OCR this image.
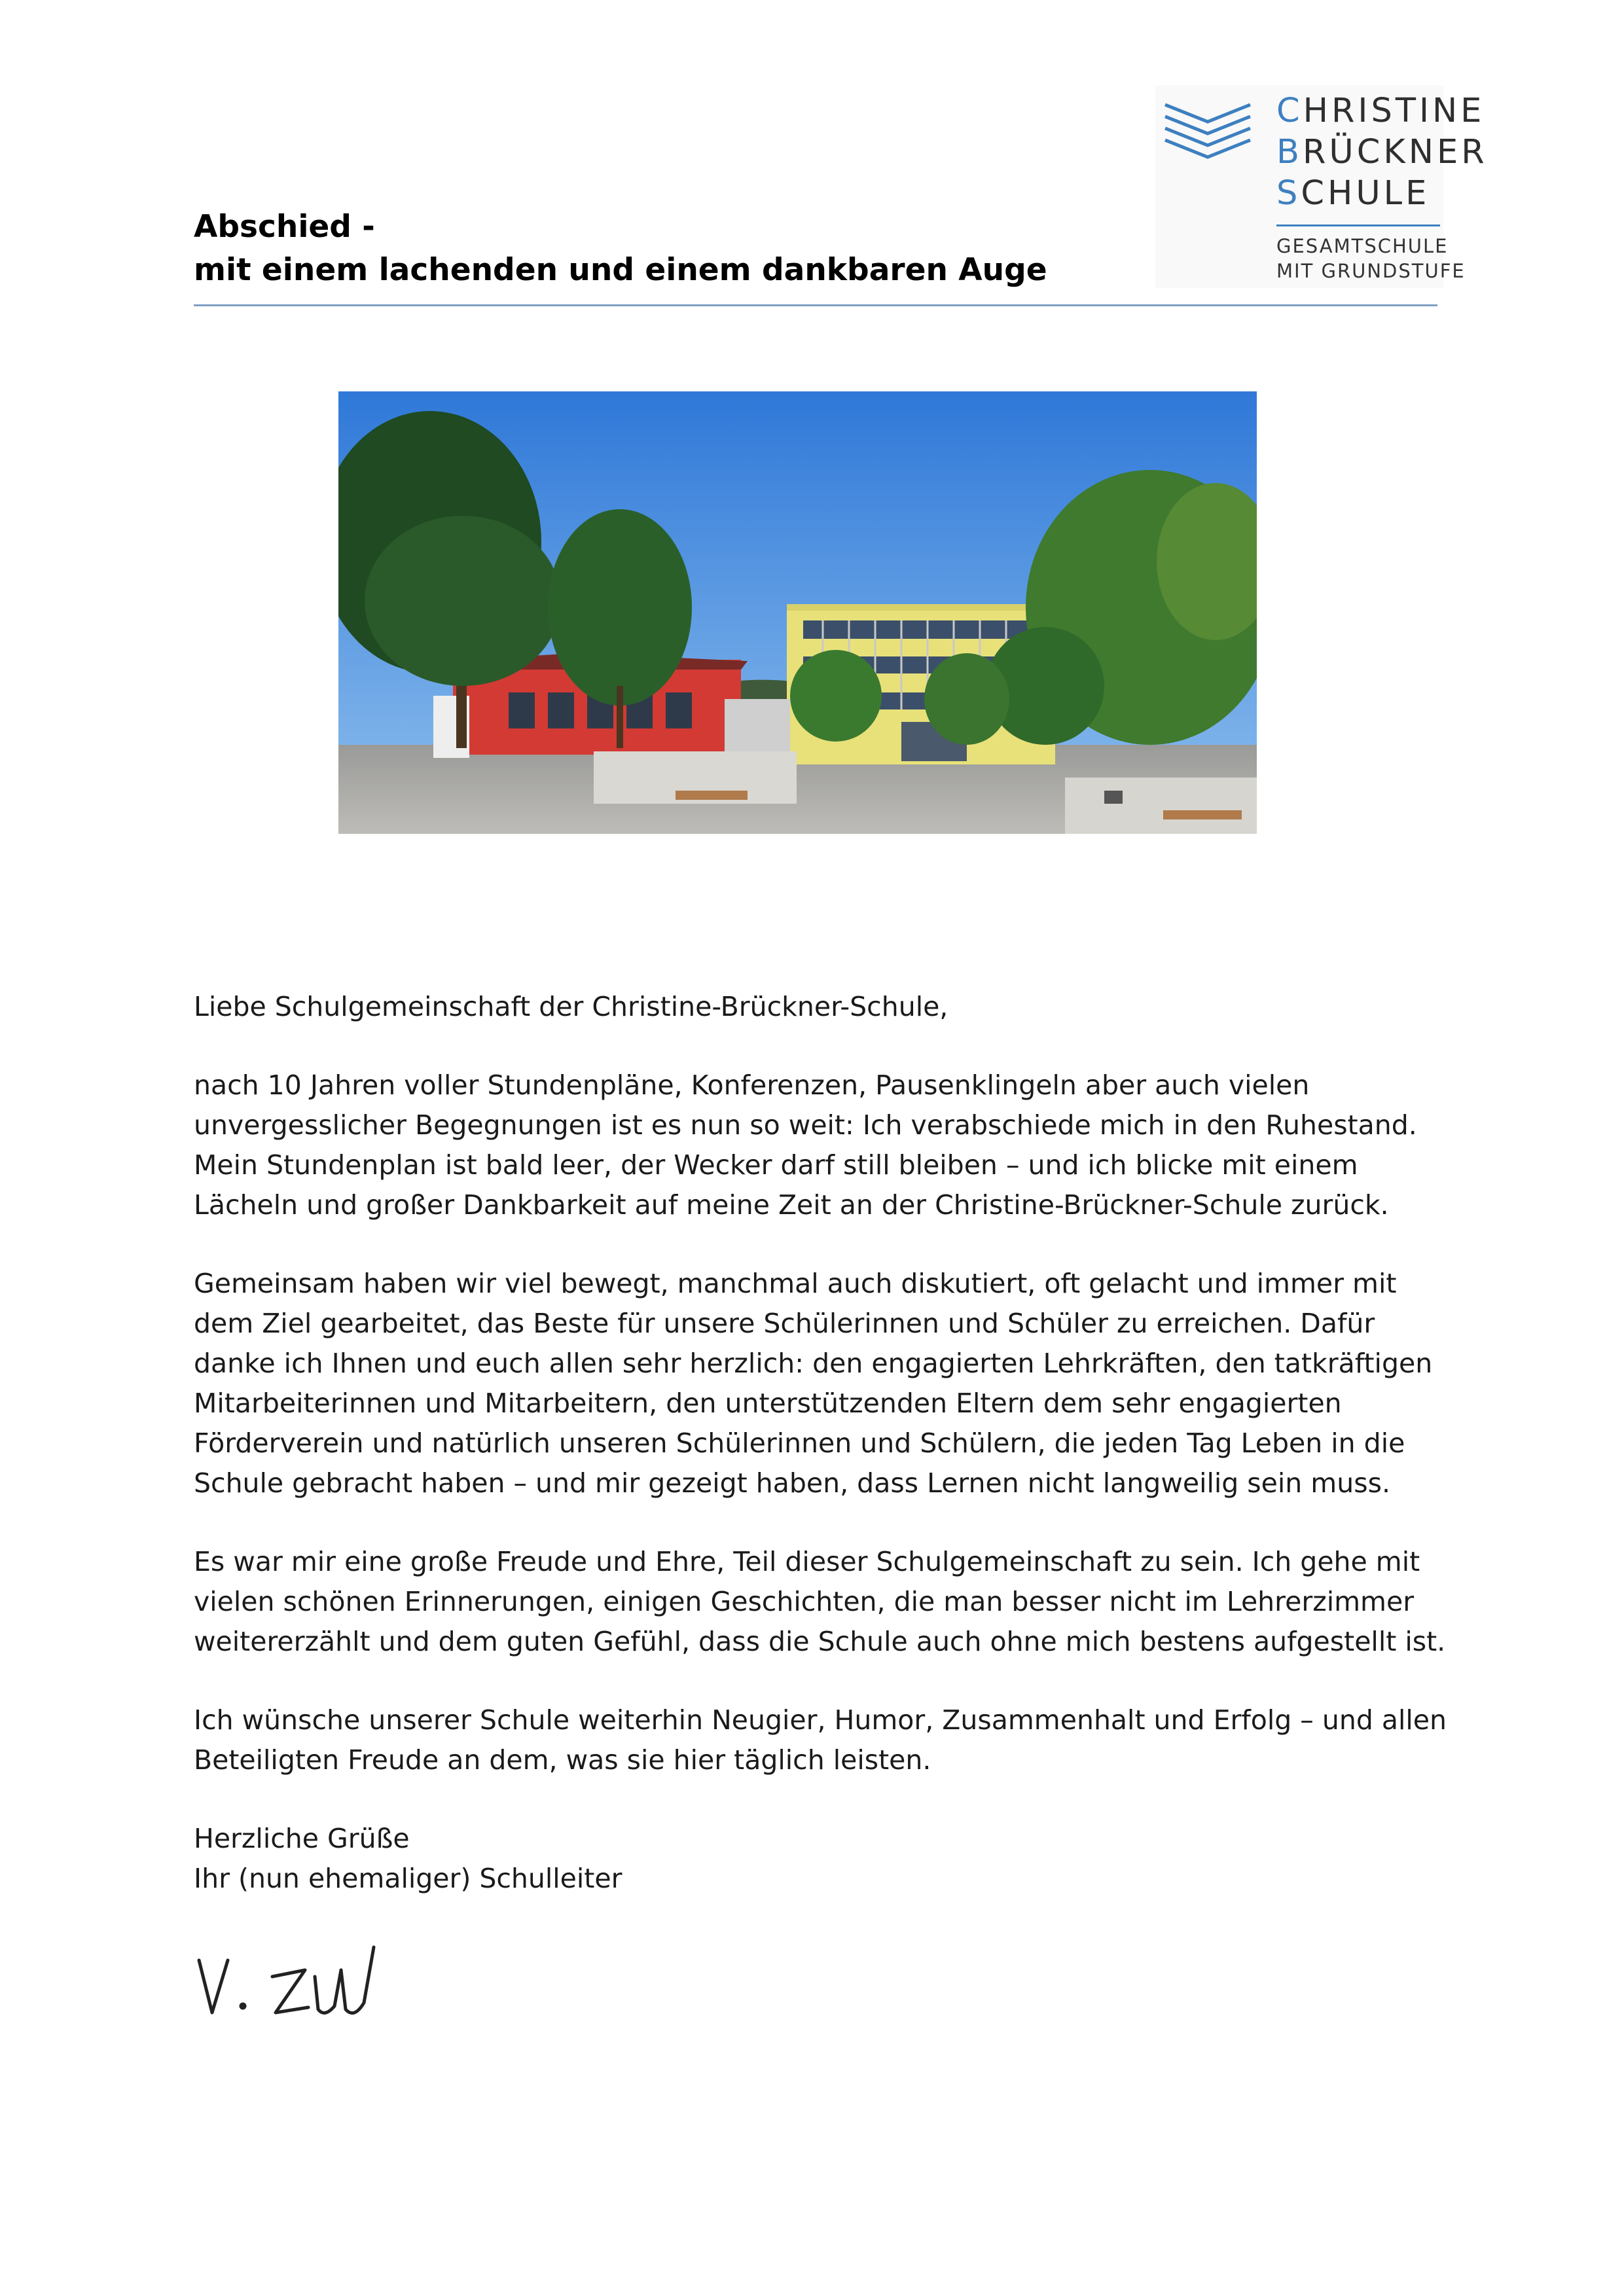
Abschied -
mit einem lachenden und einem dankbaren Auge
CHRISTINE
BRÜCKNER
SCHULE
GESAMTSCHULE
MIT GRUNDSTUFE

Liebe Schulgemeinschaft der Christine-Brückner-Schule,

nach 10 Jahren voller Stundenpläne, Konferenzen, Pausenklingeln aber auch vielen
unvergesslicher Begegnungen ist es nun so weit: Ich verabschiede mich in den Ruhestand.
Mein Stundenplan ist bald leer, der Wecker darf still bleiben – und ich blicke mit einem
Lächeln und großer Dankbarkeit auf meine Zeit an der Christine-Brückner-Schule zurück.

Gemeinsam haben wir viel bewegt, manchmal auch diskutiert, oft gelacht und immer mit
dem Ziel gearbeitet, das Beste für unsere Schülerinnen und Schüler zu erreichen. Dafür
danke ich Ihnen und euch allen sehr herzlich: den engagierten Lehrkräften, den tatkräftigen
Mitarbeiterinnen und Mitarbeitern, den unterstützenden Eltern dem sehr engagierten
Förderverein und natürlich unseren Schülerinnen und Schülern, die jeden Tag Leben in die
Schule gebracht haben – und mir gezeigt haben, dass Lernen nicht langweilig sein muss.

Es war mir eine große Freude und Ehre, Teil dieser Schulgemeinschaft zu sein. Ich gehe mit
vielen schönen Erinnerungen, einigen Geschichten, die man besser nicht im Lehrerzimmer
weitererzählt und dem guten Gefühl, dass die Schule auch ohne mich bestens aufgestellt ist.

Ich wünsche unserer Schule weiterhin Neugier, Humor, Zusammenhalt und Erfolg – und allen
Beteiligten Freude an dem, was sie hier täglich leisten.

Herzliche Grüße
Ihr (nun ehemaliger) Schulleiter
